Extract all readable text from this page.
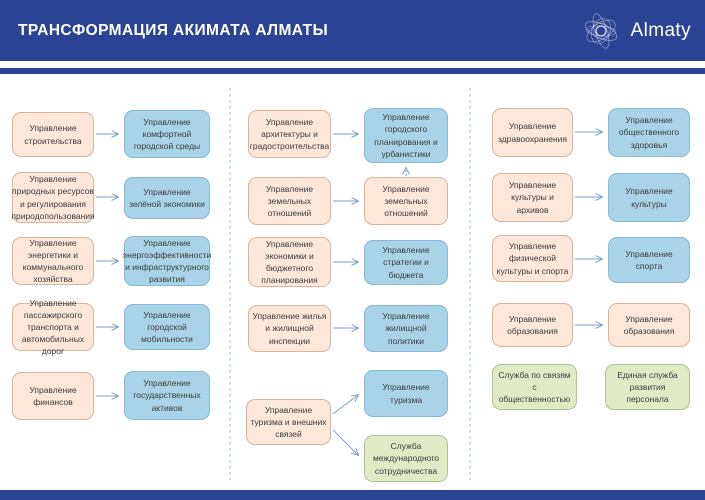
ТРАНСФОРМАЦИЯ АКИМАТА АЛМАТЫ	Almaty
Управление строительства
Управление комфортной городской среды
Управление природных ресурсов и регулирования природопользования
Управление зелёной экономики
Управление энергетики и коммунального хозяйства
Управление энергоэффективности и инфраструктурного развития
Управление пассажирского транспорта и автомобильных дорог
Управление городской мобильности
Управление финансов
Управление государственных активов
Управление архитектуры и градостроительства
Управление городского планирования и урбанистики
Управление земельных отношений
Управление земельных отношений
Управление экономики и бюджетного планирования
Управление стратегии и бюджета
Управление жилья и жилищной инспекции
Управление жилищной политики
Управление туризма и внешних связей
Управление туризма
Служба международного сотрудничества
Управление здравоохранения
Управление общественного здоровья
Управление культуры и архивов
Управление культуры
Управление физической культуры и спорта
Управление спорта
Управление образования
Управление образования
Служба по связям с общественностью
Единая служба развития персонала
